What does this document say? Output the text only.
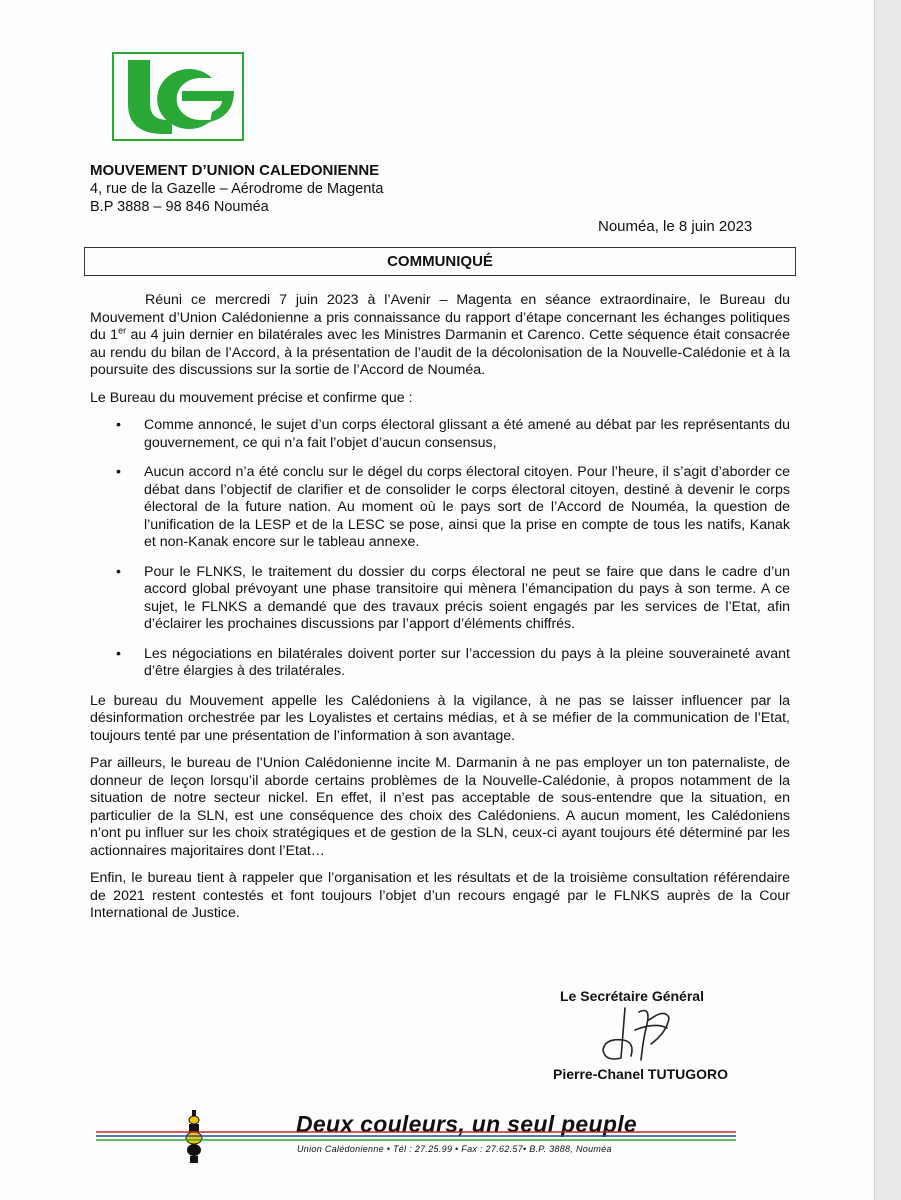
MOUVEMENT D’UNION CALEDONIENNE
4, rue de la Gazelle – Aérodrome de Magenta
B.P 3888 – 98 846 Nouméa
Nouméa, le 8 juin 2023
COMMUNIQUÉ

Réuni ce mercredi 7 juin 2023 à l’Avenir – Magenta en séance extraordinaire, le Bureau du Mouvement d’Union Calédonienne a pris connaissance du rapport d’étape concernant les échanges politiques du 1er au 4 juin dernier en bilatérales avec les Ministres Darmanin et Carenco. Cette séquence était consacrée au rendu du bilan de l’Accord, à la présentation de l’audit de la décolonisation de la Nouvelle-Calédonie et à la poursuite des discussions sur la sortie de l’Accord de Nouméa.

Le Bureau du mouvement précise et confirme que :

• Comme annoncé, le sujet d’un corps électoral glissant a été amené au débat par les représentants du gouvernement, ce qui n’a fait l’objet d’aucun consensus,
• Aucun accord n’a été conclu sur le dégel du corps électoral citoyen. Pour l’heure, il s’agit d’aborder ce débat dans l’objectif de clarifier et de consolider le corps électoral citoyen, destiné à devenir le corps électoral de la future nation. Au moment où le pays sort de l’Accord de Nouméa, la question de l’unification de la LESP et de la LESC se pose, ainsi que la prise en compte de tous les natifs, Kanak et non-Kanak encore sur le tableau annexe.
• Pour le FLNKS, le traitement du dossier du corps électoral ne peut se faire que dans le cadre d’un accord global prévoyant une phase transitoire qui mènera l’émancipation du pays à son terme. A ce sujet, le FLNKS a demandé que des travaux précis soient engagés par les services de l’Etat, afin d’éclairer les prochaines discussions par l’apport d’éléments chiffrés.
• Les négociations en bilatérales doivent porter sur l’accession du pays à la pleine souveraineté avant d’être élargies à des trilatérales.

Le bureau du Mouvement appelle les Calédoniens à la vigilance, à ne pas se laisser influencer par la désinformation orchestrée par les Loyalistes et certains médias, et à se méfier de la communication de l’Etat, toujours tenté par une présentation de l’information à son avantage.

Par ailleurs, le bureau de l’Union Calédonienne incite M. Darmanin à ne pas employer un ton paternaliste, de donneur de leçon lorsqu’il aborde certains problèmes de la Nouvelle-Calédonie, à propos notamment de la situation de notre secteur nickel. En effet, il n’est pas acceptable de sous-entendre que la situation, en particulier de la SLN, est une conséquence des choix des Calédoniens. A aucun moment, les Calédoniens n’ont pu influer sur les choix stratégiques et de gestion de la SLN, ceux-ci ayant toujours été déterminé par les actionnaires majoritaires dont l’Etat…

Enfin, le bureau tient à rappeler que l’organisation et les résultats et de la troisième consultation référendaire de 2021 restent contestés et font toujours l’objet d’un recours engagé par le FLNKS auprès de la Cour International de Justice.

Le Secrétaire Général
Pierre-Chanel TUTUGORO
Deux couleurs, un seul peuple
Union Calédonienne • Tél : 27.25.99 • Fax : 27.62.57• B.P. 3888, Nouméa
